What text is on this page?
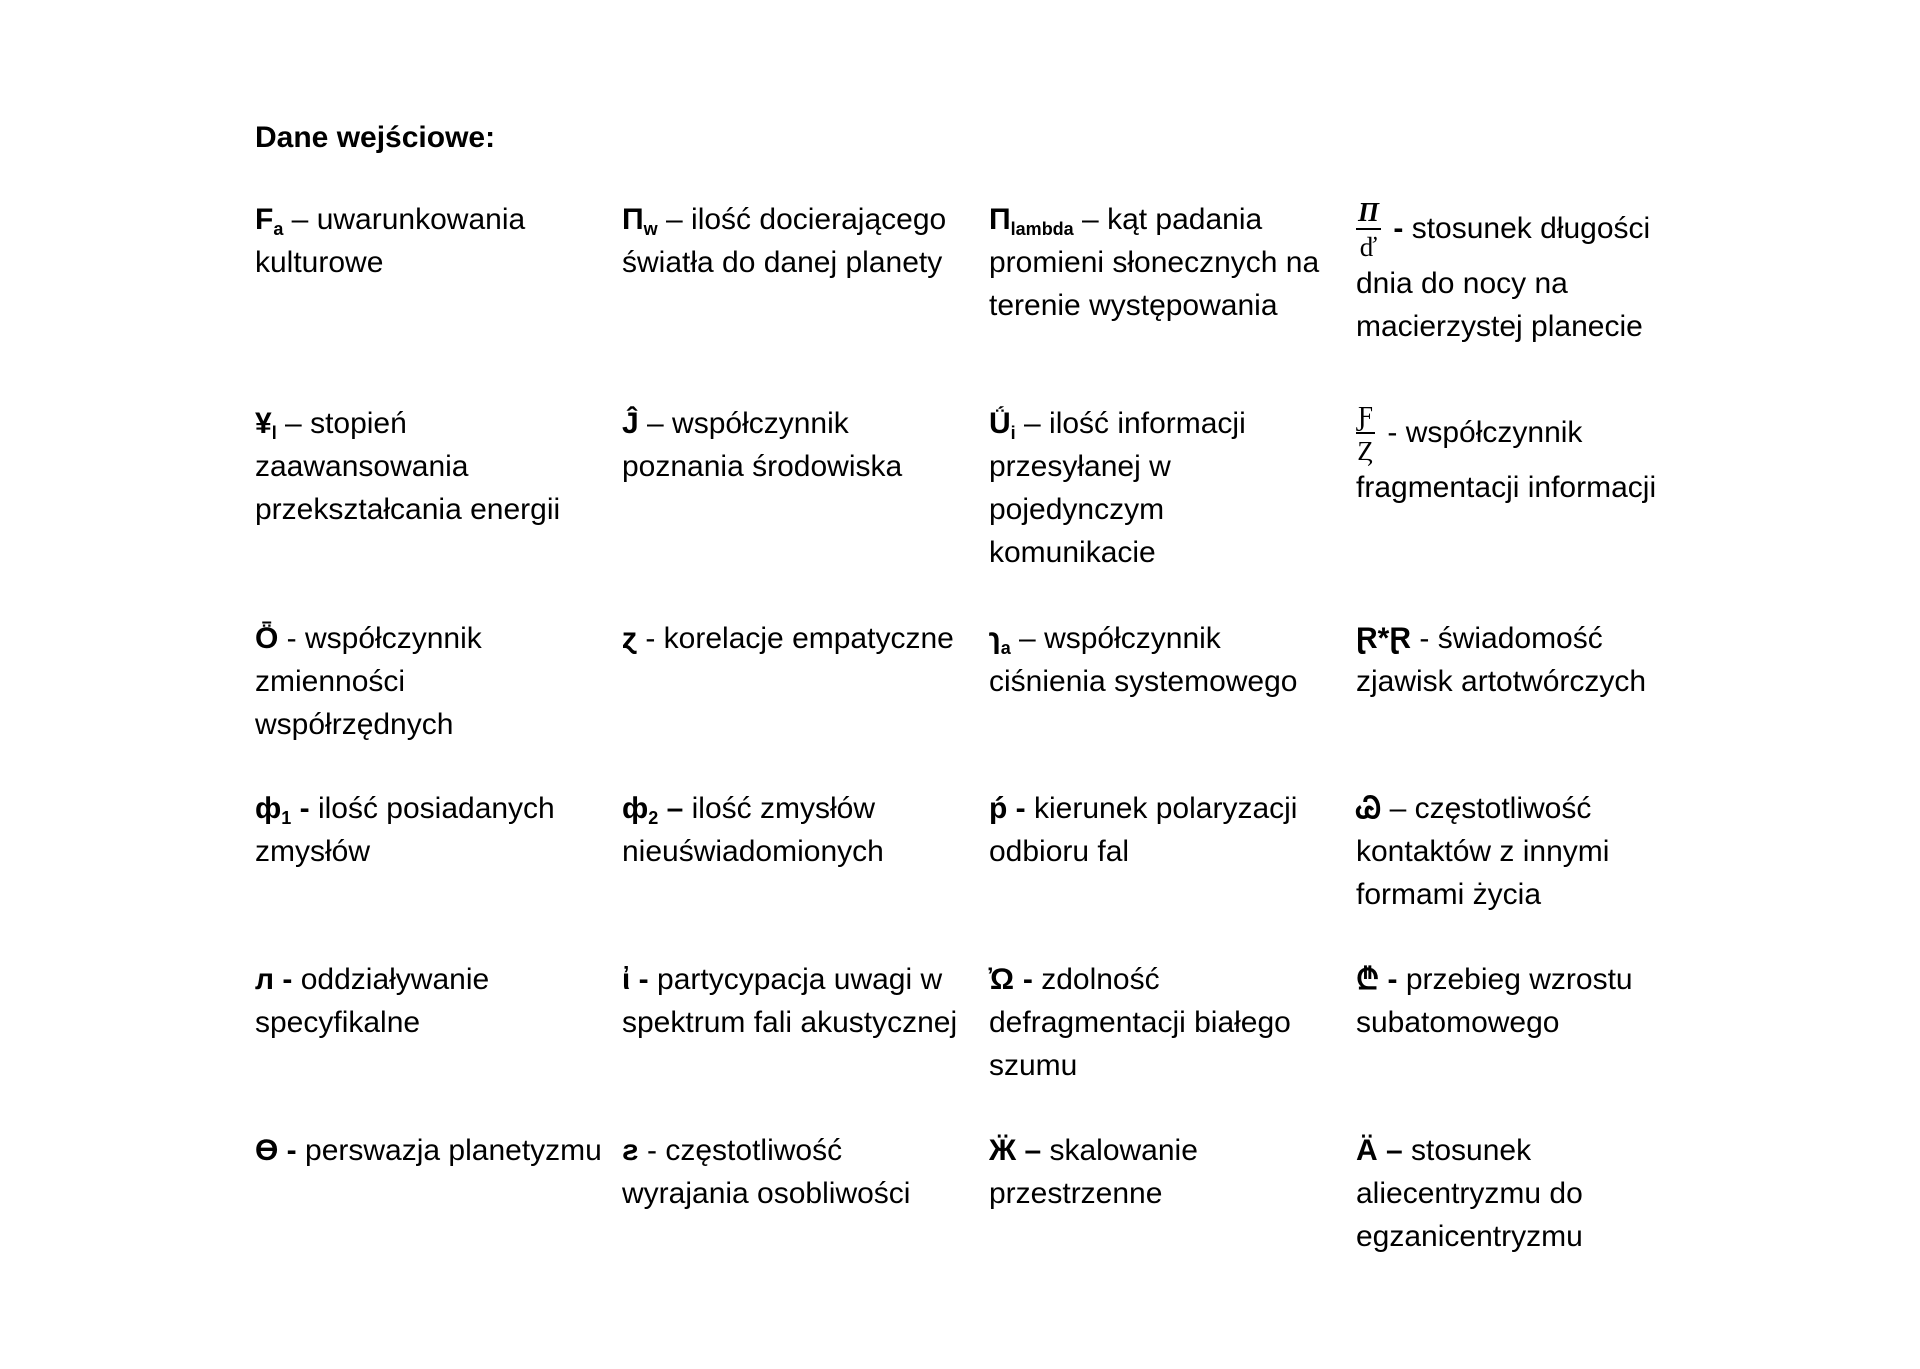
Dane wejściowe:
$F_a$ – uwarunkowania kulturowe
$\Pi_w$ – ilość docierającego światła do danej planety
$\Pi_{lambda}$ – kąt padania promieni słonecznych na terenie występowania
$\frac{\Pi}{ď}$ - stosunek długości
dnia do nocy na macierzystej planecie
$¥_l$ – stopień zaawansowania przekształcania energii
Ĵ – współczynnik poznania środowiska
$Ǘ_i$ – ilość informacji przesyłanej w pojedynczym komunikacie
$\frac{Ƒ}{Ȥ}$ - współczynnik
fragmentacji informacji
Ȫ - współczynnik zmienności współrzędnych
ɀ - korelacje empatyczne	ɿ$_a$ – współczynnik ciśnienia systemowego
Ɽ*Ɽ - świadomość zjawisk artotwórczych
$ф_1$ - ilość posiadanych zmysłów
$ф_2$ – ilość zmysłów nieuświadomionych
ṕ - kierunek polaryzacji odbioru fal
Ꮚ – częstotliwość kontaktów z innymi formami życia
л - oddziaływanie specyfikalne
ἰ - partycypacja uwagi w spektrum fali akustycznej
Ὠ - zdolność defragmentacji białego szumu
₾ - przebieg wzrostu subatomowego
Ɵ - perswazja planetyzmu ƨ - częstotliwość wyrajania osobliwości
Ӝ – skalowanie przestrzenne
Ä – stosunek aliecentryzmu do egzanicentryzmu
